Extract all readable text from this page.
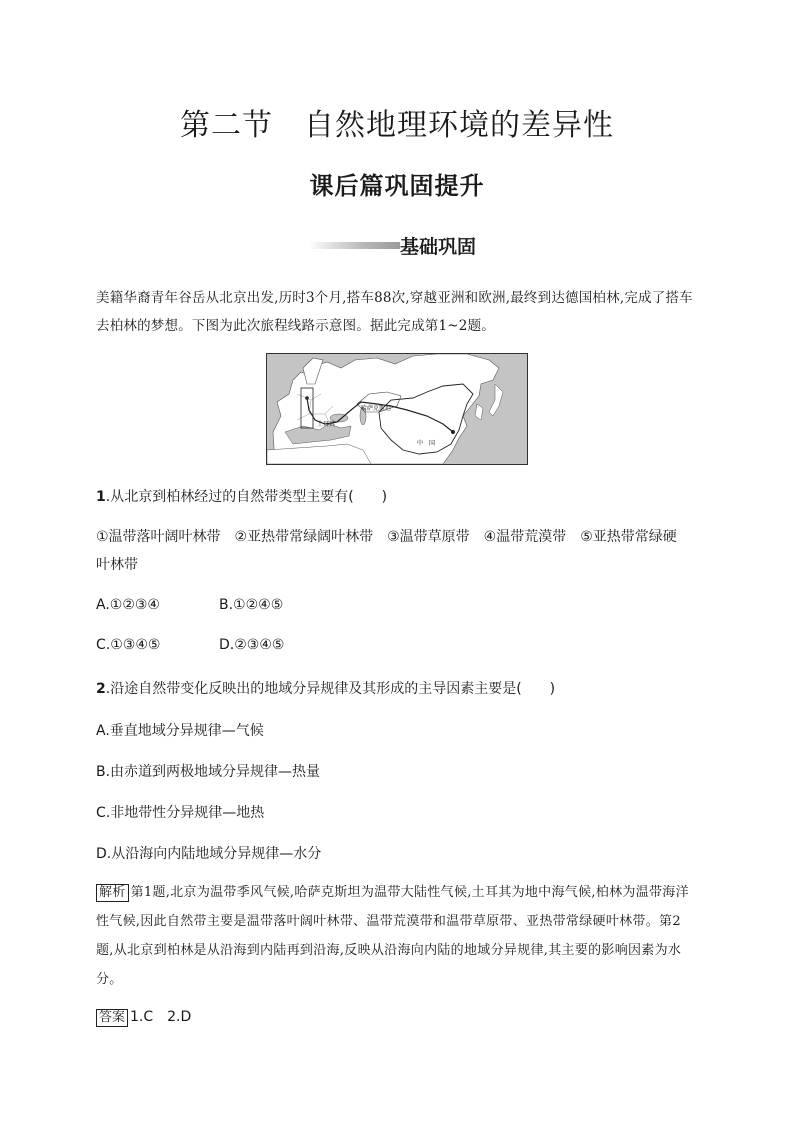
第二节　自然地理环境的差异性
课后篇巩固提升
基础巩固
美籍华裔青年谷岳从北京出发,历时3个月,搭车88次,穿越亚洲和欧洲,最终到达德国柏林,完成了搭车去柏林的梦想。下图为此次旅程线路示意图。据此完成第1~2题。
哈萨克斯坦
土耳其
中　国
1.从北京到柏林经过的自然带类型主要有(　　)
①温带落叶阔叶林带　②亚热带常绿阔叶林带　③温带草原带　④温带荒漠带　⑤亚热带常绿硬
叶林带
A.①②③④	B.①②④⑤
C.①③④⑤	D.②③④⑤
2.沿途自然带变化反映出的地域分异规律及其形成的主导因素主要是(　　)
A.垂直地域分异规律—气候
B.由赤道到两极地域分异规律—热量
C.非地带性分异规律—地热
D.从沿海向内陆地域分异规律—水分
解析 第1题,北京为温带季风气候,哈萨克斯坦为温带大陆性气候,土耳其为地中海气候,柏林为温带海洋性气候,因此自然带主要是温带落叶阔叶林带、温带荒漠带和温带草原带、亚热带常绿硬叶林带。第2题,从北京到柏林是从沿海到内陆再到沿海,反映从沿海向内陆的地域分异规律,其主要的影响因素为水分。
答案 1.C　2.D
